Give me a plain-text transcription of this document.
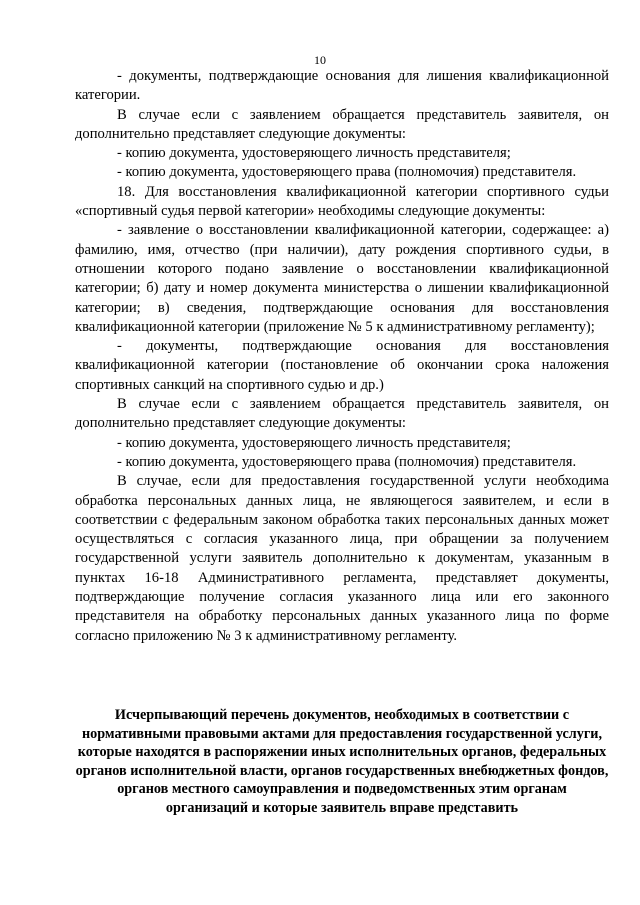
10

- документы, подтверждающие основания для лишения квалификационной категории.

В случае если с заявлением обращается представитель заявителя, он дополнительно представляет следующие документы:

- копию документа, удостоверяющего личность представителя;

- копию документа, удостоверяющего права (полномочия) представителя.

18. Для восстановления квалификационной категории спортивного судьи «спортивный судья первой категории» необходимы следующие документы:

- заявление о восстановлении квалификационной категории, содержащее: а) фамилию, имя, отчество (при наличии), дату рождения спортивного судьи, в отношении которого подано заявление о восстановлении квалификационной категории; б) дату и номер документа министерства о лишении квалификационной категории; в) сведения, подтверждающие основания для восстановления квалификационной категории (приложение № 5 к административному регламенту);

- документы, подтверждающие основания для восстановления квалификационной категории (постановление об окончании срока наложения спортивных санкций на спортивного судью и др.)

В случае если с заявлением обращается представитель заявителя, он дополнительно представляет следующие документы:

- копию документа, удостоверяющего личность представителя;

- копию документа, удостоверяющего права (полномочия) представителя.

В случае, если для предоставления государственной услуги необходима обработка персональных данных лица, не являющегося заявителем, и если в соответствии с федеральным законом обработка таких персональных данных может осуществляться с согласия указанного лица, при обращении за получением государственной услуги заявитель дополнительно к документам, указанным в пунктах 16-18 Административного регламента, представляет документы, подтверждающие получение согласия указанного лица или его законного представителя на обработку персональных данных указанного лица по форме согласно приложению № 3 к административному регламенту.

Исчерпывающий перечень документов, необходимых в соответствии с нормативными правовыми актами для предоставления государственной услуги, которые находятся в распоряжении иных исполнительных органов, федеральных органов исполнительной власти, органов государственных внебюджетных фондов, органов местного самоуправления и подведомственных этим органам организаций и которые заявитель вправе представить
